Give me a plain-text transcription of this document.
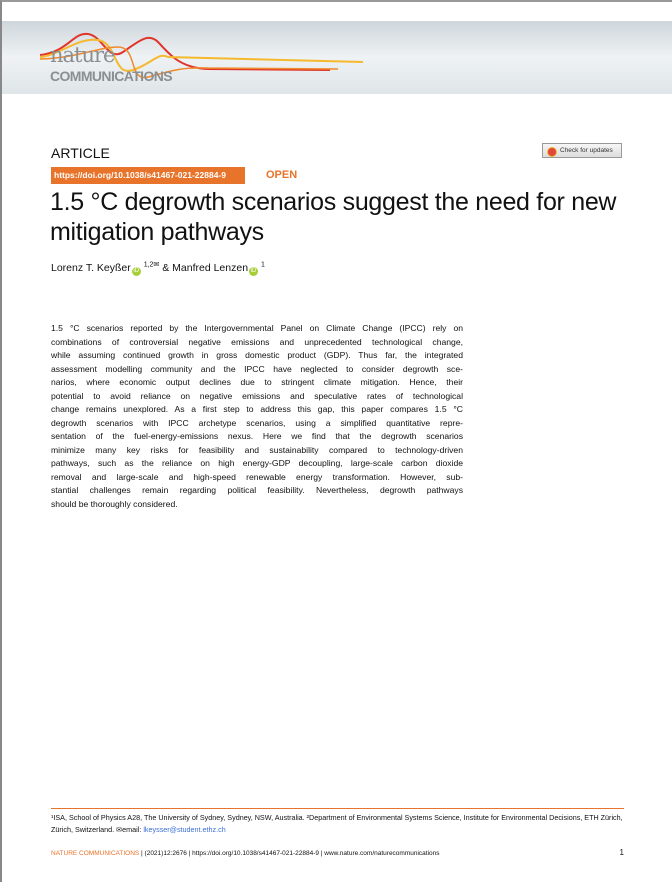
nature
COMMUNICATIONS
ARTICLE	Check for updates
https://doi.org/10.1038/s41467-021-22884-9	OPEN
1.5 °C degrowth scenarios suggest the need for new mitigation pathways
Lorenz T. Keyßer iD $^{1,2✉}$ & Manfred Lenzen iD $^1$
1.5 °C scenarios reported by the Intergovernmental Panel on Climate Change (IPCC) rely on
combinations of controversial negative emissions and unprecedented technological change,
while assuming continued growth in gross domestic product (GDP). Thus far, the integrated
assessment modelling community and the IPCC have neglected to consider degrowth sce-
narios, where economic output declines due to stringent climate mitigation. Hence, their
potential to avoid reliance on negative emissions and speculative rates of technological
change remains unexplored. As a first step to address this gap, this paper compares 1.5 °C
degrowth scenarios with IPCC archetype scenarios, using a simplified quantitative repre-
sentation of the fuel-energy-emissions nexus. Here we find that the degrowth scenarios
minimize many key risks for feasibility and sustainability compared to technology-driven
pathways, such as the reliance on high energy-GDP decoupling, large-scale carbon dioxide
removal and large-scale and high-speed renewable energy transformation. However, sub-
stantial challenges remain regarding political feasibility. Nevertheless, degrowth pathways
should be thoroughly considered.
¹ISA, School of Physics A28, The University of Sydney, Sydney, NSW, Australia. ²Department of Environmental Systems Science, Institute for Environmental Decisions, ETH Zürich, Zürich, Switzerland. ✉email: lkeysser@student.ethz.ch
NATURE COMMUNICATIONS | (2021)12:2676 | https://doi.org/10.1038/s41467-021-22884-9 | www.nature.com/naturecommunications	1
